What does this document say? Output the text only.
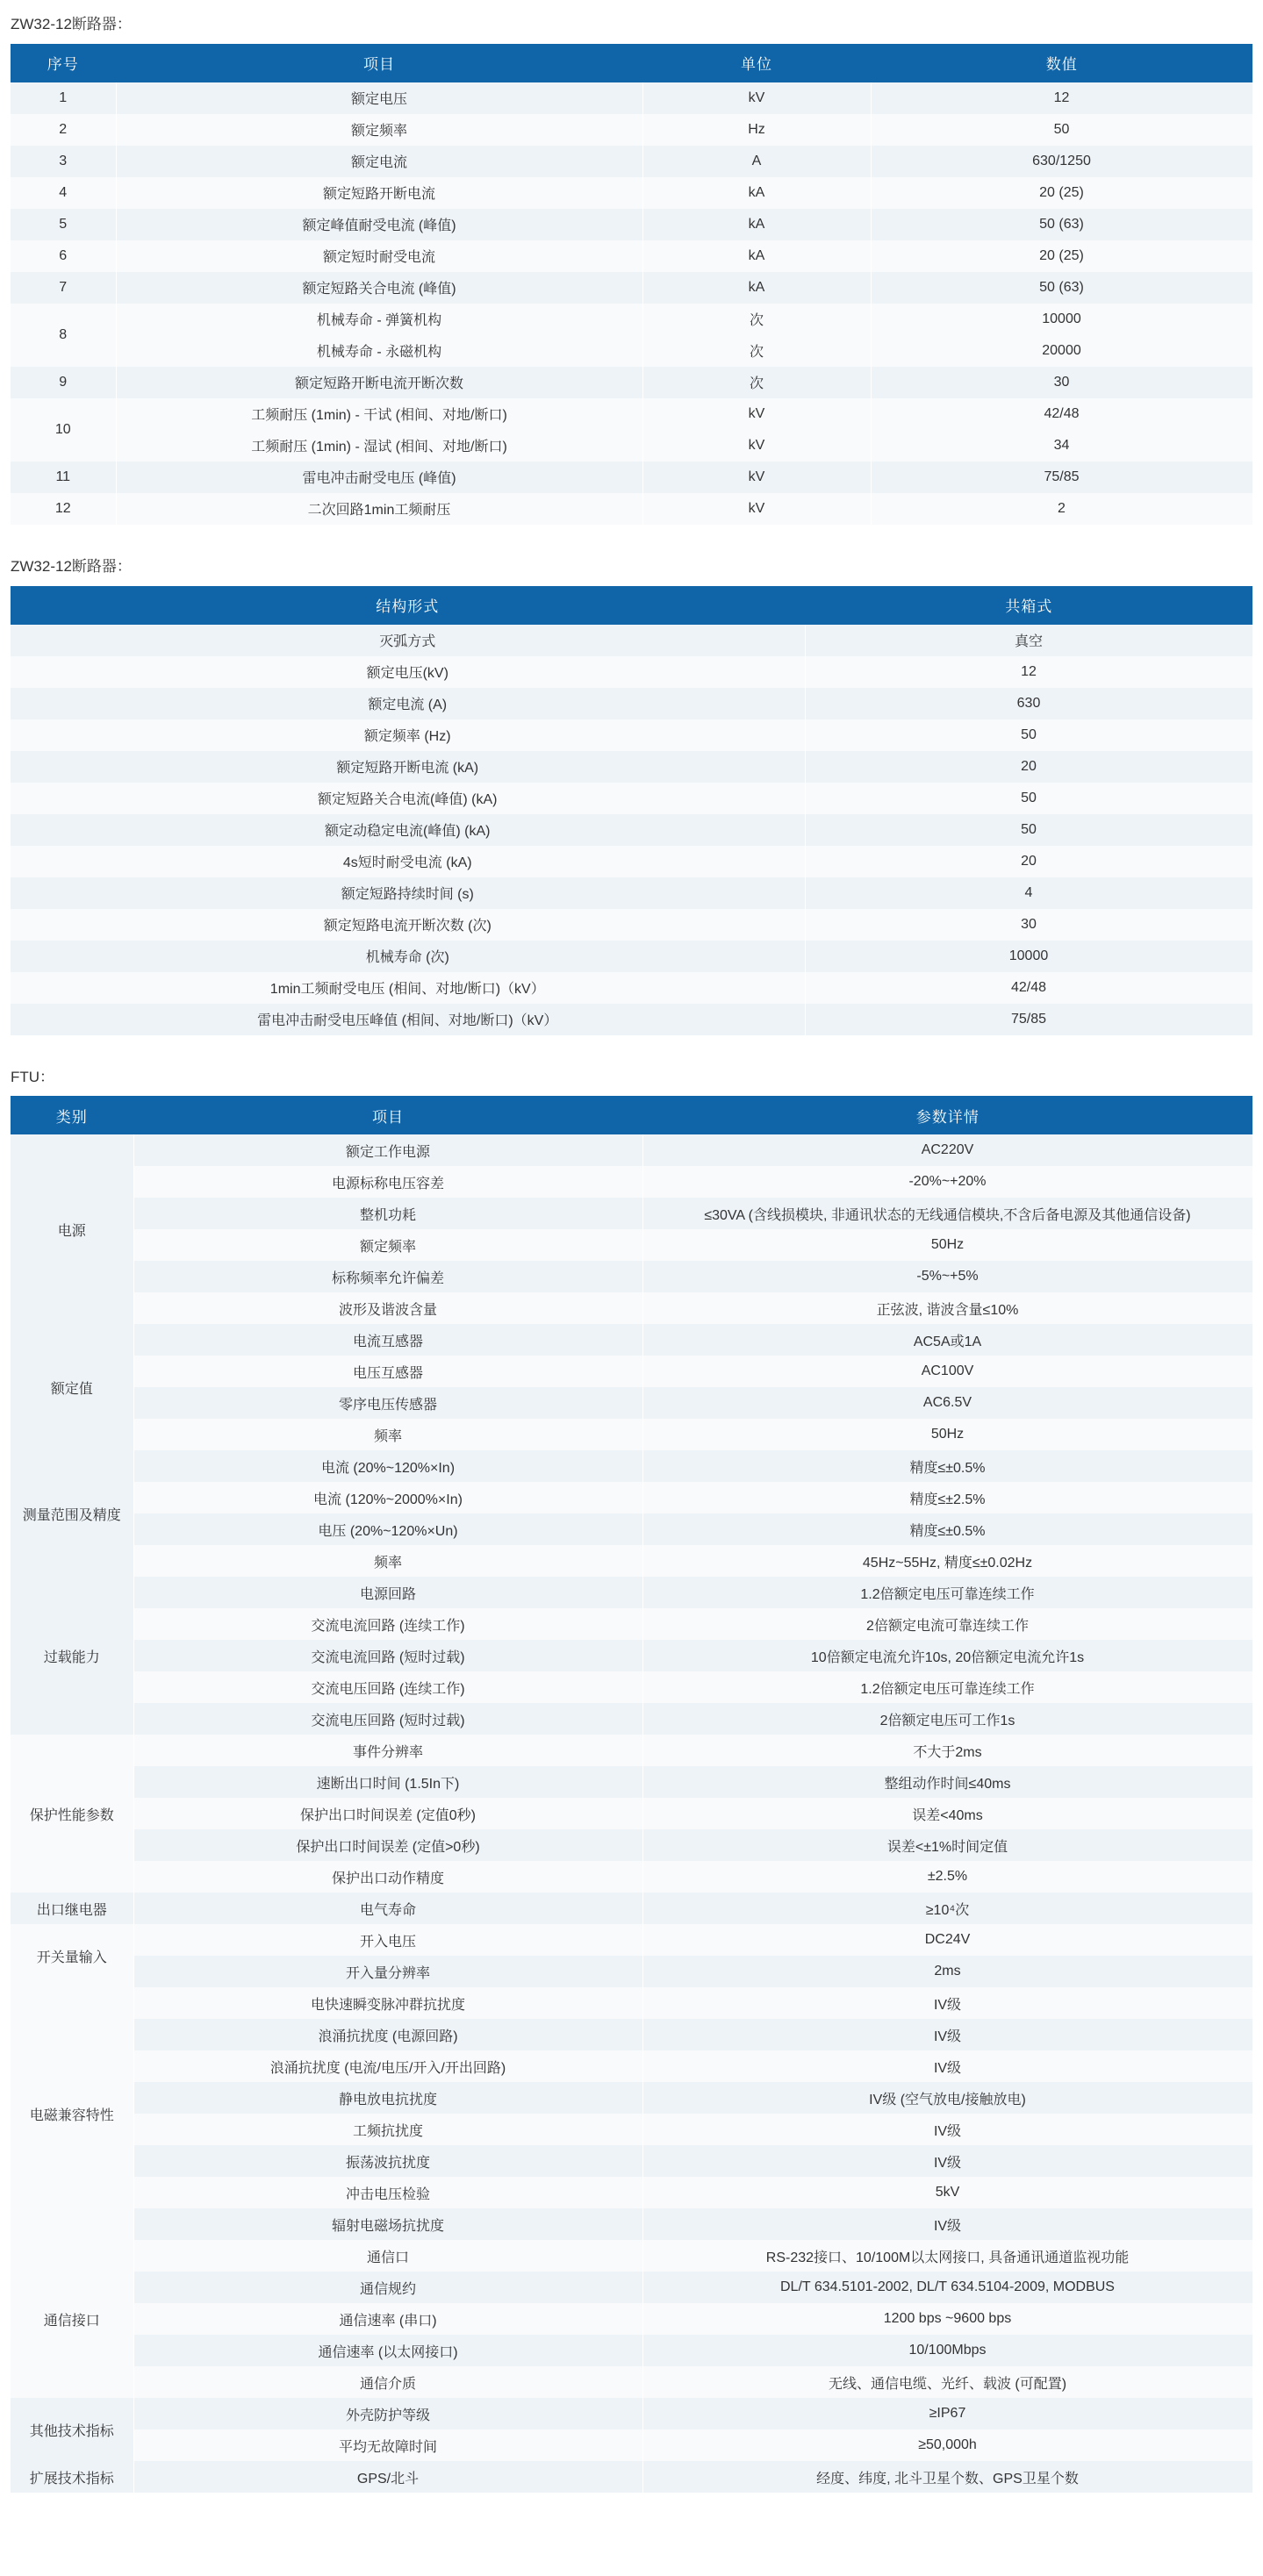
ZW32-12断路器：
序号	项目	单位	数值
1	额定电压	kV	12
2	额定频率	Hz	50
3	额定电流	A	630/1250
4	额定短路开断电流	kA	20 (25)
5	额定峰值耐受电流 (峰值)	kA	50 (63)
6	额定短时耐受电流	kA	20 (25)
7	额定短路关合电流 (峰值)	kA	50 (63)
8	机械寿命 - 弹簧机构	次	10000
	机械寿命 - 永磁机构	次	20000
9	额定短路开断电流开断次数	次	30
10	工频耐压 (1min) - 干试 (相间、对地/断口)	kV	42/48
	工频耐压 (1min) - 湿试 (相间、对地/断口)	kV	34
11	雷电冲击耐受电压 (峰值)	kV	75/85
12	二次回路1min工频耐压	kV	2
ZW32-12断路器：
结构形式	共箱式
灭弧方式	真空
额定电压(kV)	12
额定电流 (A)	630
额定频率 (Hz)	50
额定短路开断电流 (kA)	20
额定短路关合电流(峰值) (kA)	50
额定动稳定电流(峰值) (kA)	50
4s短时耐受电流 (kA)	20
额定短路持续时间 (s)	4
额定短路电流开断次数 (次)	30
机械寿命 (次)	10000
1min工频耐受电压 (相间、对地/断口)（kV）	42/48
雷电冲击耐受电压峰值 (相间、对地/断口)（kV）	75/85
FTU：
类别	项目	参数详情
电源	额定工作电源	AC220V
	电源标称电压容差	-20%~+20%
	整机功耗	≤30VA (含线损模块, 非通讯状态的无线通信模块,不含后备电源及其他通信设备)
	额定频率	50Hz
	标称频率允许偏差	-5%~+5%
	波形及谐波含量	正弦波, 谐波含量≤10%
额定值	电流互感器	AC5A或1A
	电压互感器	AC100V
	零序电压传感器	AC6.5V
	频率	50Hz
测量范围及精度	电流 (20%~120%×In)	精度≤±0.5%
	电流 (120%~2000%×In)	精度≤±2.5%
	电压 (20%~120%×Un)	精度≤±0.5%
	频率	45Hz~55Hz, 精度≤±0.02Hz
过载能力	电源回路	1.2倍额定电压可靠连续工作
	交流电流回路 (连续工作)	2倍额定电流可靠连续工作
	交流电流回路 (短时过载)	10倍额定电流允许10s, 20倍额定电流允许1s
	交流电压回路 (连续工作)	1.2倍额定电压可靠连续工作
	交流电压回路 (短时过载)	2倍额定电压可工作1s
保护性能参数	事件分辨率	不大于2ms
	速断出口时间 (1.5In下)	整组动作时间≤40ms
	保护出口时间误差 (定值0秒)	误差<40ms
	保护出口时间误差 (定值>0秒)	误差<±1%时间定值
	保护出口动作精度	±2.5%
出口继电器	电气寿命	≥10⁴次
开关量输入	开入电压	DC24V
	开入量分辨率	2ms
电磁兼容特性	电快速瞬变脉冲群抗扰度	IV级
	浪涌抗扰度 (电源回路)	IV级
	浪涌抗扰度 (电流/电压/开入/开出回路)	IV级
	静电放电抗扰度	IV级 (空气放电/接触放电)
	工频抗扰度	IV级
	振荡波抗扰度	IV级
	冲击电压检验	5kV
	辐射电磁场抗扰度	IV级
通信接口	通信口	RS-232接口、10/100M以太网接口, 具备通讯通道监视功能
	通信规约	DL/T 634.5101-2002, DL/T 634.5104-2009, MODBUS
	通信速率 (串口)	1200 bps ~9600 bps
	通信速率 (以太网接口)	10/100Mbps
	通信介质	无线、通信电缆、光纤、载波 (可配置)
其他技术指标	外壳防护等级	≥IP67
	平均无故障时间	≥50,000h
扩展技术指标	GPS/北斗	经度、纬度, 北斗卫星个数、GPS卫星个数
